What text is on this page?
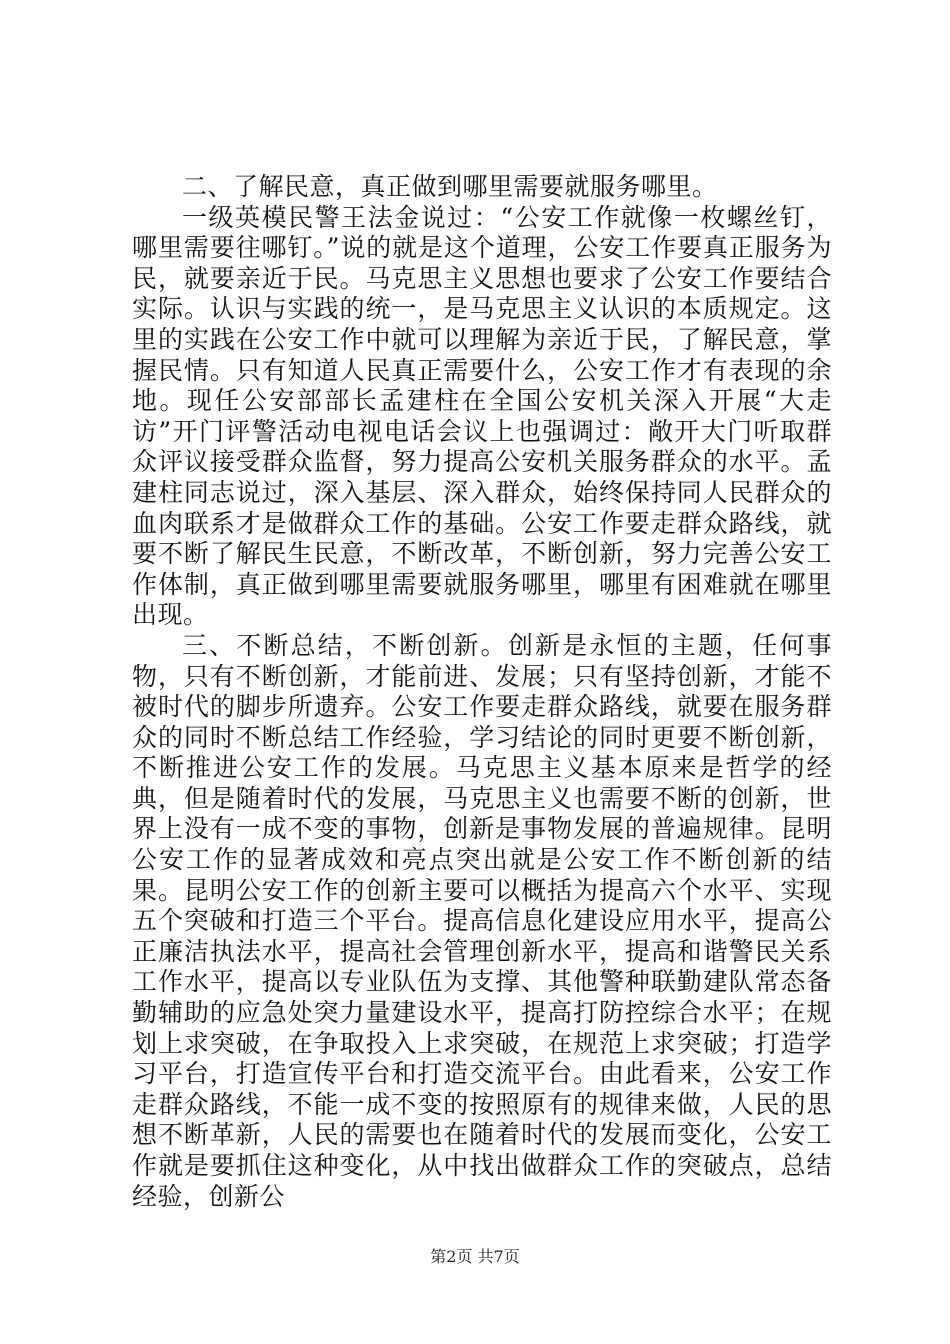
二、了解民意，真正做到哪里需要就服务哪里。

一级英模民警王法金说过：“公安工作就像一枚螺丝钉，哪里需要往哪钉。”说的就是这个道理，公安工作要真正服务为民，就要亲近于民。马克思主义思想也要求了公安工作要结合实际。认识与实践的统一，是马克思主义认识的本质规定。这里的实践在公安工作中就可以理解为亲近于民，了解民意，掌握民情。只有知道人民真正需要什么，公安工作才有表现的余地。现任公安部部长孟建柱在全国公安机关深入开展“大走访”开门评警活动电视电话会议上也强调过：敞开大门听取群众评议接受群众监督，努力提高公安机关服务群众的水平。孟建柱同志说过，深入基层、深入群众，始终保持同人民群众的血肉联系才是做群众工作的基础。公安工作要走群众路线，就要不断了解民生民意，不断改革，不断创新，努力完善公安工作体制，真正做到哪里需要就服务哪里，哪里有困难就在哪里出现。

三、不断总结，不断创新。创新是永恒的主题，任何事物，只有不断创新，才能前进、发展；只有坚持创新，才能不被时代的脚步所遗弃。公安工作要走群众路线，就要在服务群众的同时不断总结工作经验，学习结论的同时更要不断创新，不断推进公安工作的发展。马克思主义基本原来是哲学的经典，但是随着时代的发展，马克思主义也需要不断的创新，世界上没有一成不变的事物，创新是事物发展的普遍规律。昆明公安工作的显著成效和亮点突出就是公安工作不断创新的结果。昆明公安工作的创新主要可以概括为提高六个水平、实现五个突破和打造三个平台。提高信息化建设应用水平，提高公正廉洁执法水平，提高社会管理创新水平，提高和谐警民关系工作水平，提高以专业队伍为支撑、其他警种联勤建队常态备勤辅助的应急处突力量建设水平，提高打防控综合水平；在规划上求突破，在争取投入上求突破，在规范上求突破；打造学习平台，打造宣传平台和打造交流平台。由此看来，公安工作走群众路线，不能一成不变的按照原有的规律来做，人民的思想不断革新，人民的需要也在随着时代的发展而变化，公安工作就是要抓住这种变化，从中找出做群众工作的突破点，总结经验，创新公

第2页 共7页
